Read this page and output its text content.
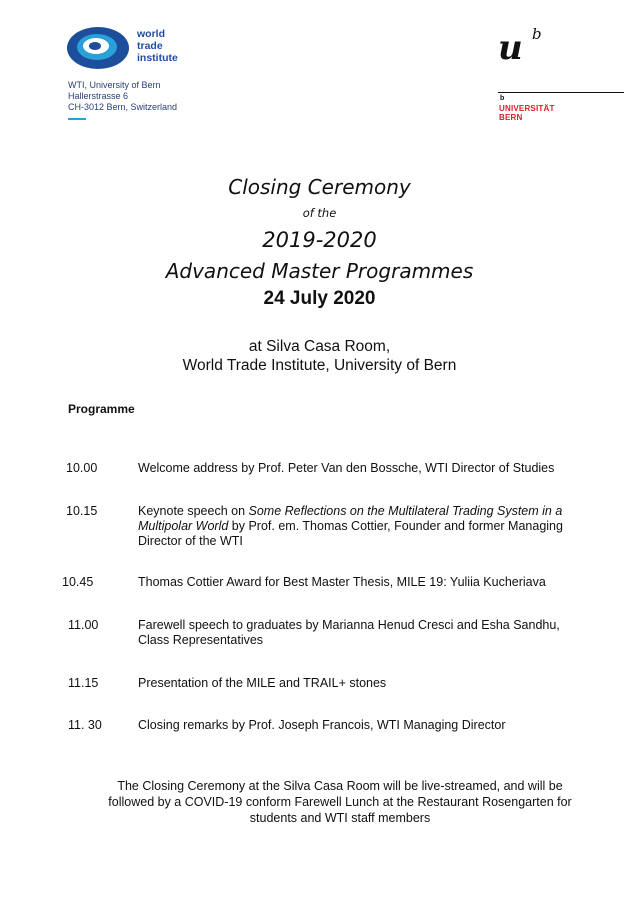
world
trade
institute
WTI, University of Bern
Hallerstrasse 6
CH-3012 Bern, Switzerland
u b
b
UNIVERSITÄT
BERN
Closing Ceremony
of the
2019-2020
Advanced Master Programmes
24 July 2020
at Silva Casa Room,
World Trade Institute, University of Bern
Programme
10.00	Welcome address by Prof. Peter Van den Bossche, WTI Director of Studies
10.15	Keynote speech on Some Reflections on the Multilateral Trading System in a Multipolar World by Prof. em. Thomas Cottier, Founder and former Managing Director of the WTI
10.45	Thomas Cottier Award for Best Master Thesis, MILE 19: Yuliia Kucheriava
11.00	Farewell speech to graduates by Marianna Henud Cresci and Esha Sandhu, Class Representatives
11.15	Presentation of the MILE and TRAIL+ stones
11. 30	Closing remarks by Prof. Joseph Francois, WTI Managing Director
The Closing Ceremony at the Silva Casa Room will be live-streamed, and will be
followed by a COVID-19 conform Farewell Lunch at the Restaurant Rosengarten for
students and WTI staff members
